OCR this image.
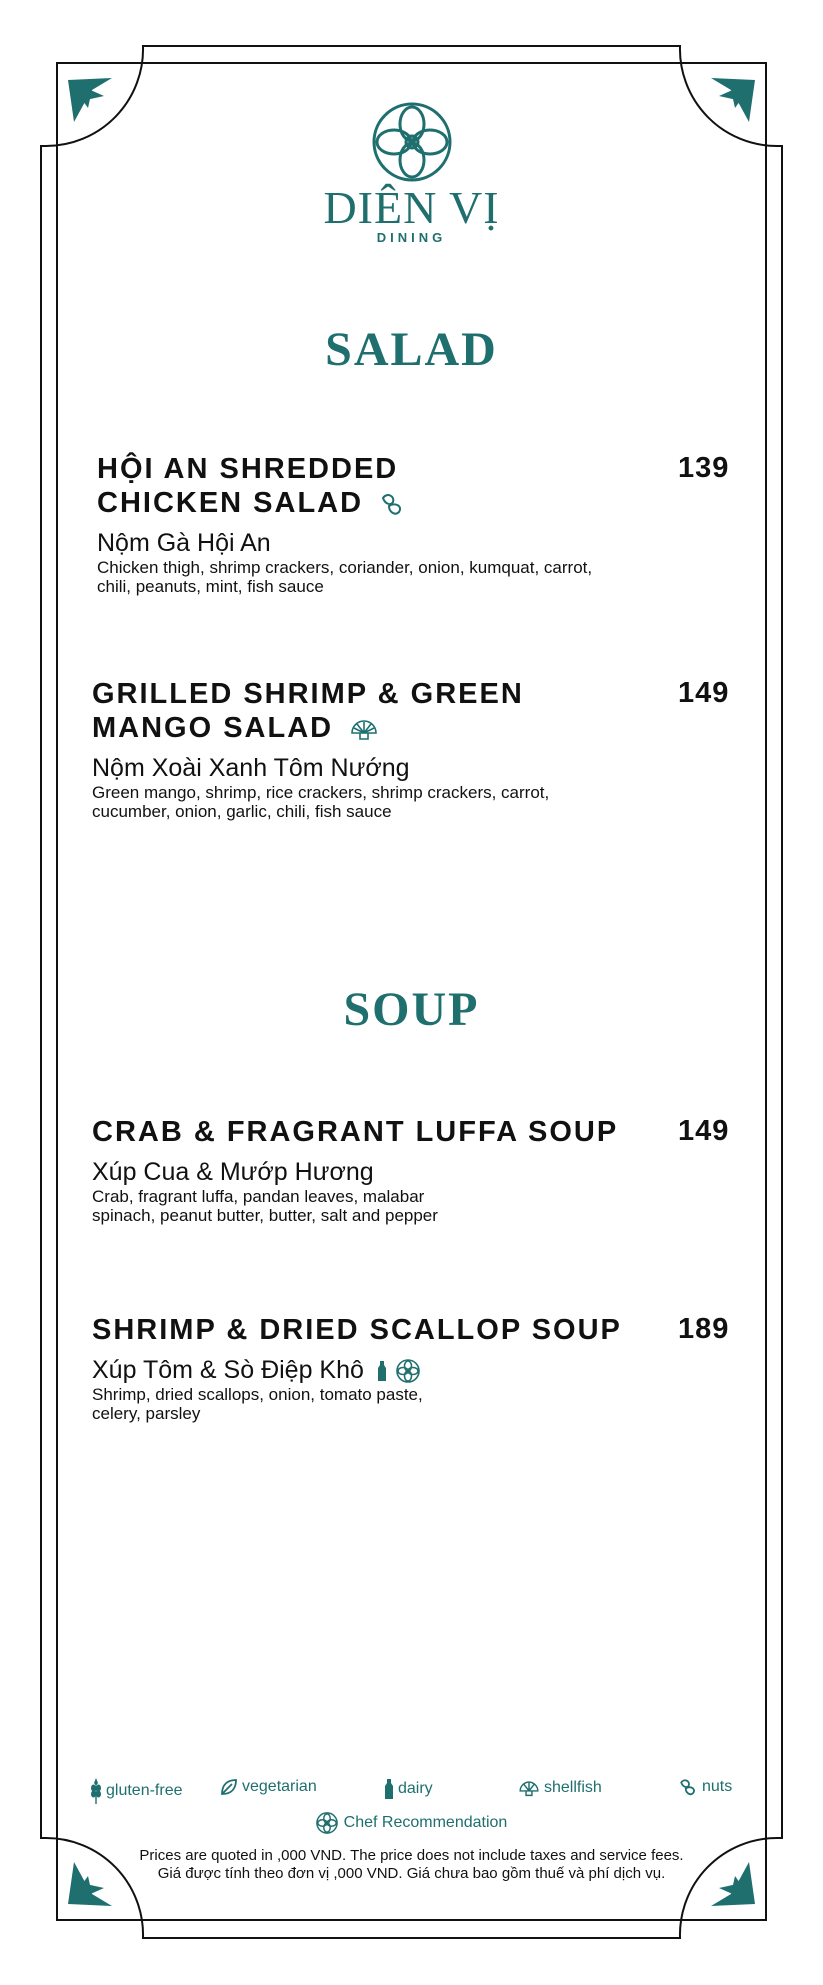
DIÊN VỊ
DINING
SALAD
HỘI AN SHREDDED
CHICKEN SALAD
Nộm Gà Hội An
Chicken thigh, shrimp crackers, coriander, onion, kumquat, carrot,
chili, peanuts, mint, fish sauce
139
GRILLED SHRIMP & GREEN
MANGO SALAD
Nộm Xoài Xanh Tôm Nướng
Green mango, shrimp, rice crackers, shrimp crackers, carrot,
cucumber, onion, garlic, chili, fish sauce
149
SOUP
CRAB & FRAGRANT LUFFA SOUP
Xúp Cua & Mướp Hương
Crab, fragrant luffa, pandan leaves, malabar
spinach, peanut butter, butter, salt and pepper
149
SHRIMP & DRIED SCALLOP SOUP
Xúp Tôm & Sò Điệp Khô
Shrimp, dried scallops, onion, tomato paste,
celery, parsley
189
gluten-free	vegetarian	dairy	shellfish	nuts
Chef Recommendation
Prices are quoted in ,000 VND. The price does not include taxes and service fees.
Giá được tính theo đơn vị ,000 VND. Giá chưa bao gồm thuế và phí dịch vụ.
